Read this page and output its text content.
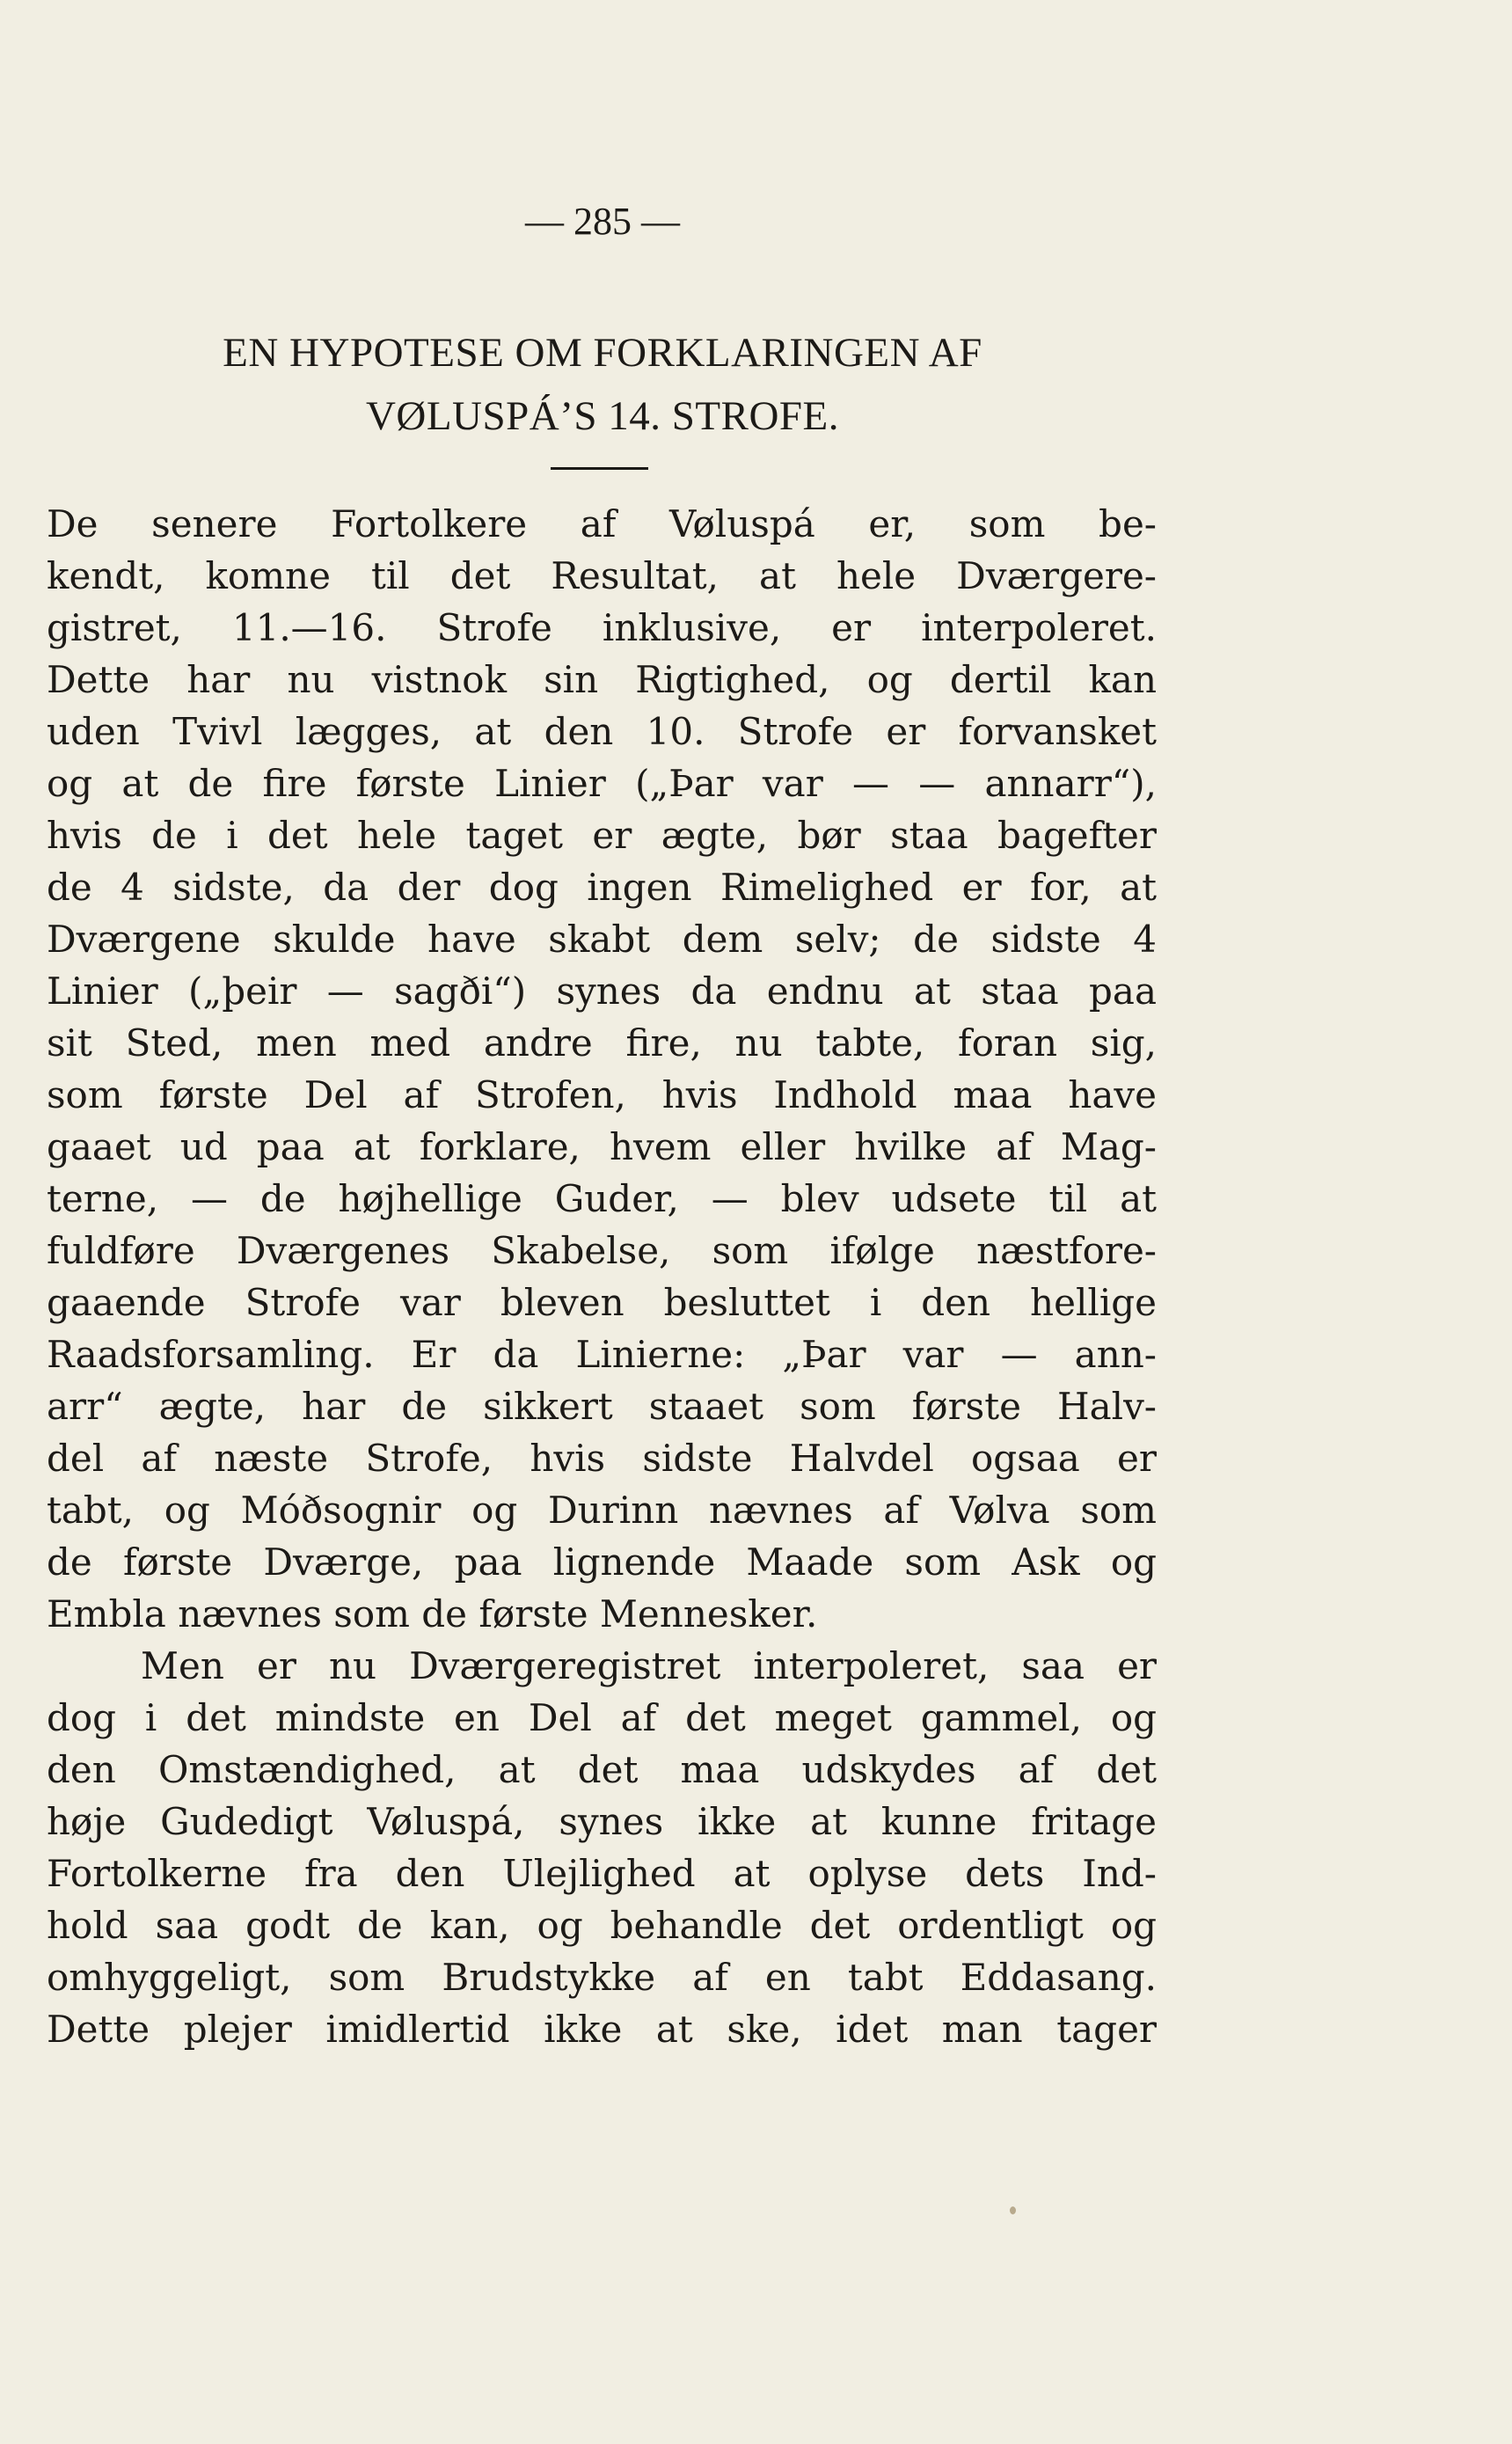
— 285 —

EN HYPOTESE OM FORKLARINGEN AF
VØLUSPÁ’S 14. STROFE.
De senere Fortolkere af Vøluspá er, som be-
kendt, komne til det Resultat, at hele Dværgere-
gistret, 11.—16. Strofe inklusive, er interpoleret.
Dette har nu vistnok sin Rigtighed, og dertil kan
uden Tvivl lægges, at den 10. Strofe er forvansket
og at de fire første Linier („Þar var — — annarr“),
hvis de i det hele taget er ægte, bør staa bagefter
de 4 sidste, da der dog ingen Rimelighed er for, at
Dværgene skulde have skabt dem selv; de sidste 4
Linier („þeir — sagði“) synes da endnu at staa paa
sit Sted, men med andre fire, nu tabte, foran sig,
som første Del af Strofen, hvis Indhold maa have
gaaet ud paa at forklare, hvem eller hvilke af Mag-
terne, — de højhellige Guder, — blev udsete til at
fuldføre Dværgenes Skabelse, som ifølge næstfore-
gaaende Strofe var bleven besluttet i den hellige
Raadsforsamling. Er da Linierne: „Þar var — ann-
arr“ ægte, har de sikkert staaet som første Halv-
del af næste Strofe, hvis sidste Halvdel ogsaa er
tabt, og Móðsognir og Durinn nævnes af Vølva som
de første Dværge, paa lignende Maade som Ask og
Embla nævnes som de første Mennesker.
Men er nu Dværgeregistret interpoleret, saa er
dog i det mindste en Del af det meget gammel, og
den Omstændighed, at det maa udskydes af det
høje Gudedigt Vøluspá, synes ikke at kunne fritage
Fortolkerne fra den Ulejlighed at oplyse dets Ind-
hold saa godt de kan, og behandle det ordentligt og
omhyggeligt, som Brudstykke af en tabt Eddasang.
Dette plejer imidlertid ikke at ske, idet man tager
